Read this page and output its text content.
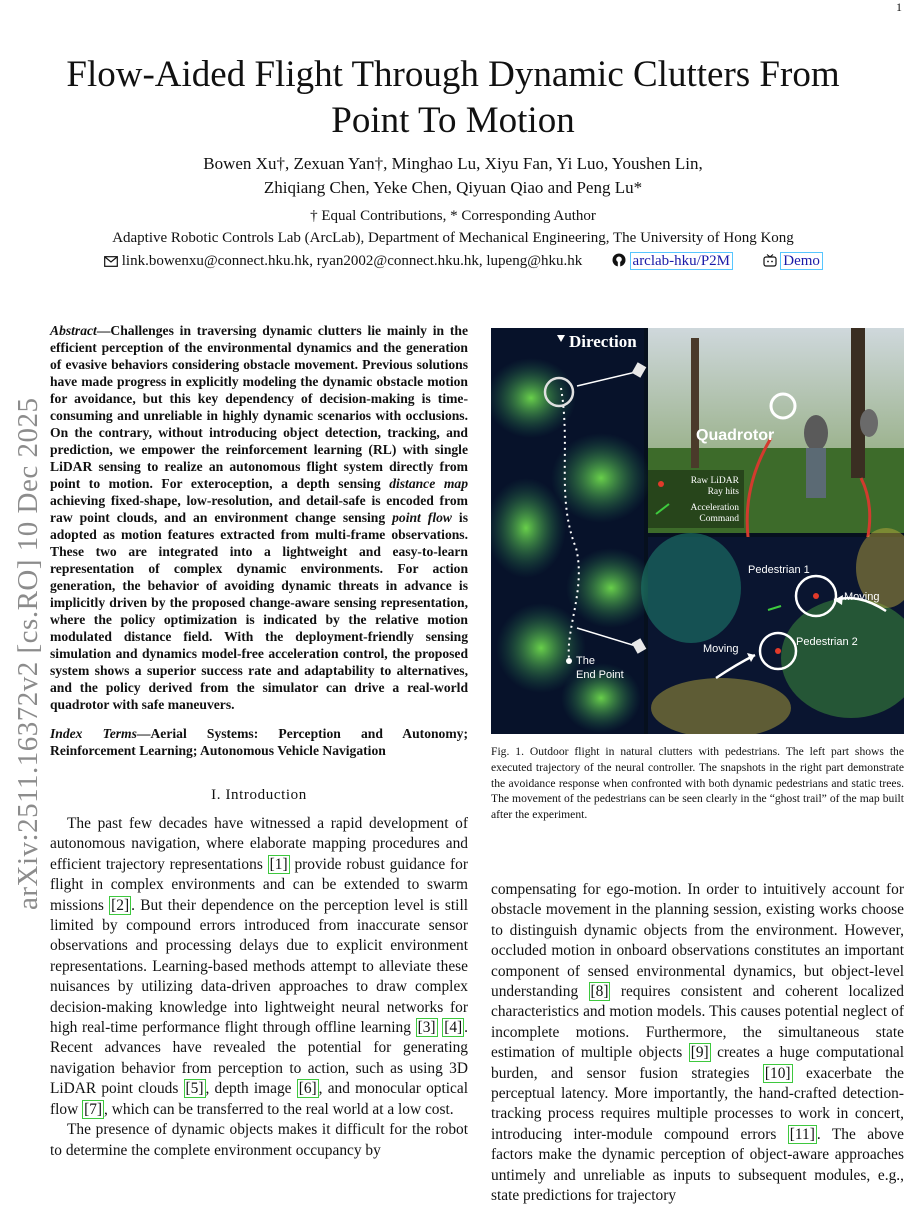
1
Flow-Aided Flight Through Dynamic Clutters From Point To Motion
Bowen Xu†, Zexuan Yan†, Minghao Lu, Xiyu Fan, Yi Luo, Youshen Lin,
Zhiqiang Chen, Yeke Chen, Qiyuan Qiao and Peng Lu*
† Equal Contributions, * Corresponding Author
Adaptive Robotic Controls Lab (ArcLab), Department of Mechanical Engineering, The University of Hong Kong
link.bowenxu@connect.hku.hk, ryan2002@connect.hku.hk, lupeng@hku.hk	arclab-hku/P2M	Demo
arXiv:2511.16372v2 [cs.RO] 10 Dec 2025

Abstract—Challenges in traversing dynamic clutters lie mainly in the efficient perception of the environmental dynamics and the generation of evasive behaviors considering obstacle movement. Previous solutions have made progress in explicitly modeling the dynamic obstacle motion for avoidance, but this key dependency of decision-making is time-consuming and unreliable in highly dynamic scenarios with occlusions. On the contrary, without introducing object detection, tracking, and prediction, we empower the reinforcement learning (RL) with single LiDAR sensing to realize an autonomous flight system directly from point to motion. For exteroception, a depth sensing distance map achieving fixed-shape, low-resolution, and detail-safe is encoded from raw point clouds, and an environment change sensing point flow is adopted as motion features extracted from multi-frame observations. These two are integrated into a lightweight and easy-to-learn representation of complex dynamic environments. For action generation, the behavior of avoiding dynamic threats in advance is implicitly driven by the proposed change-aware sensing representation, where the policy optimization is indicated by the relative motion modulated distance field. With the deployment-friendly sensing simulation and dynamics model-free acceleration control, the proposed system shows a superior success rate and adaptability to alternatives, and the policy derived from the simulator can drive a real-world quadrotor with safe maneuvers.

Index Terms—Aerial Systems: Perception and Autonomy; Reinforcement Learning; Autonomous Vehicle Navigation

I. Introduction

The past few decades have witnessed a rapid development of autonomous navigation, where elaborate mapping procedures and efficient trajectory representations [1] provide robust guidance for flight in complex environments and can be extended to swarm missions [2] . But their dependence on the perception level is still limited by compound errors introduced from inaccurate sensor observations and processing delays due to explicit environment representations. Learning-based methods attempt to alleviate these nuisances by utilizing data-driven approaches to draw complex decision-making knowledge into lightweight neural networks for high real-time performance flight through offline learning [3] [4] . Recent advances have revealed the potential for generating navigation behavior from perception to action, such as using 3D LiDAR point clouds [5] , depth image [6] , and monocular optical flow [7] , which can be transferred to the real world at a low cost.

The presence of dynamic objects makes it difficult for the robot to determine the complete environment occupancy by

Direction
The
End Point
Quadrotor
Raw LiDAR
Ray hits
Acceleration
Command
Pedestrian 1
Moving
Pedestrian 2
Moving

Fig. 1. Outdoor flight in natural clutters with pedestrians. The left part shows the executed trajectory of the neural controller. The snapshots in the right part demonstrate the avoidance response when confronted with both dynamic pedestrians and static trees. The movement of the pedestrians can be seen clearly in the “ghost trail” of the map built after the experiment.

compensating for ego-motion. In order to intuitively account for obstacle movement in the planning session, existing works choose to distinguish dynamic objects from the environment. However, occluded motion in onboard observations constitutes an important component of sensed environmental dynamics, but object-level understanding [8] requires consistent and coherent localized characteristics and motion models. This causes potential neglect of incomplete motions. Furthermore, the simultaneous state estimation of multiple objects [9] creates a huge computational burden, and sensor fusion strategies [10] exacerbate the perceptual latency. More importantly, the hand-crafted detection-tracking process requires multiple processes to work in concert, introducing inter-module compound errors [11] . The above factors make the dynamic perception of object-aware approaches untimely and unreliable as inputs to subsequent modules, e.g., state predictions for trajectory
